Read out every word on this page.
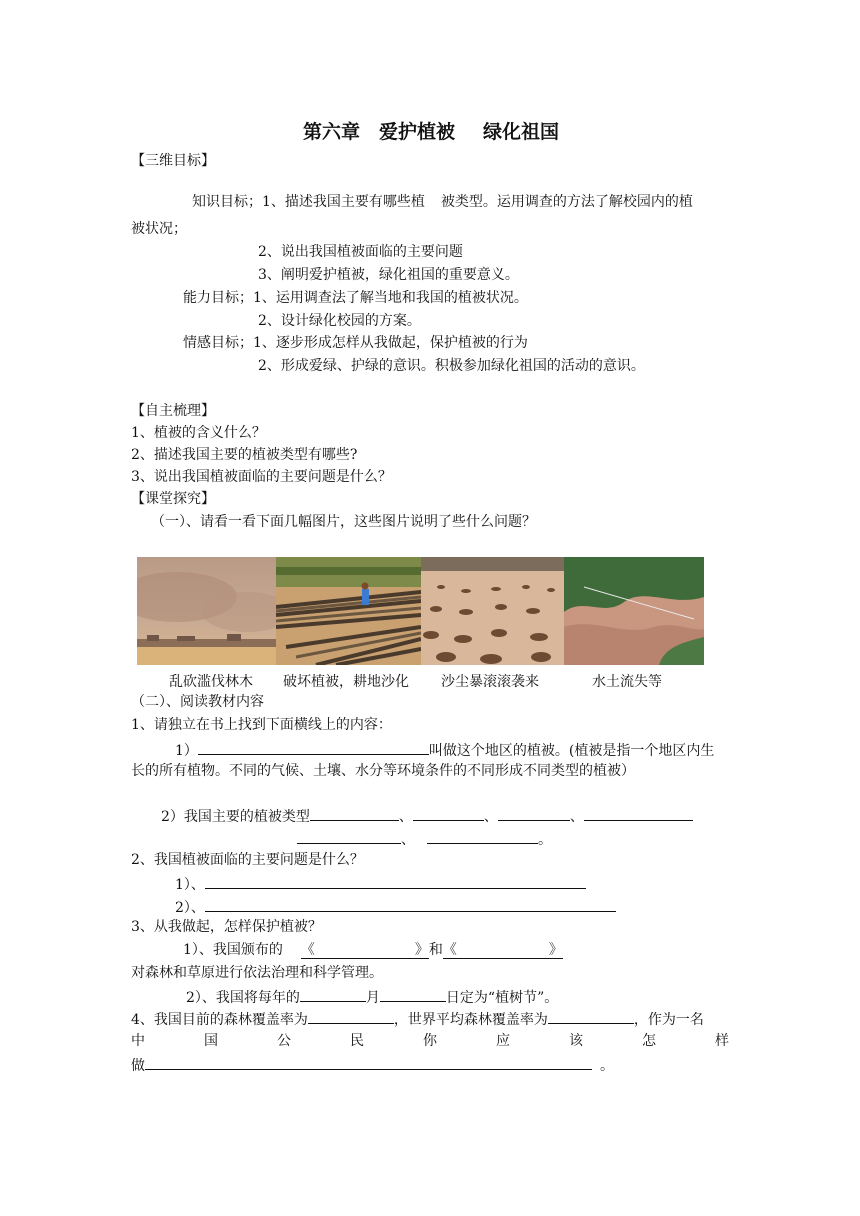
第六章　爱护植被 绿化祖国
【三维目标】
知识目标；1、描述我国主要有哪些植 被类型。运用调查的方法了解校园内的植
被状况；
2、说出我国植被面临的主要问题
3、阐明爱护植被，绿化祖国的重要意义。
能力目标；1、运用调查法了解当地和我国的植被状况。
2、设计绿化校园的方案。
情感目标；1、逐步形成怎样从我做起，保护植被的行为
2、形成爱绿、护绿的意识。积极参加绿化祖国的活动的意识。
【自主梳理】
1、植被的含义什么？
2、描述我国主要的植被类型有哪些?
3、说出我国植被面临的主要问题是什么？
【课堂探究】
（一）、请看一看下面几幅图片，这些图片说明了些什么问题？
乱砍滥伐林木 破坏植被，耕地沙化 沙尘暴滚滚袭来	水土流失等
（二）、阅读教材内容
1、请独立在书上找到下面横线上的内容：
1）	叫做这个地区的植被。(植被是指一个地区内生
长的所有植物。不同的气候、土壤、水分等环境条件的不同形成不同类型的植被）
2）我国主要的植被类型	、	、	、
、	。
2、我国植被面临的主要问题是什么？
1）、
2）、
3、从我做起，怎样保护植被？
1）、我国颁布的 《	》和《	》
对森林和草原进行依法治理和科学管理。
2）、我国将每年的	月	日定为“植树节”。
4、我国目前的森林覆盖率为	，世界平均森林覆盖率为	，作为一名
中	国	公	民	你	应	该	怎	样
做	。
